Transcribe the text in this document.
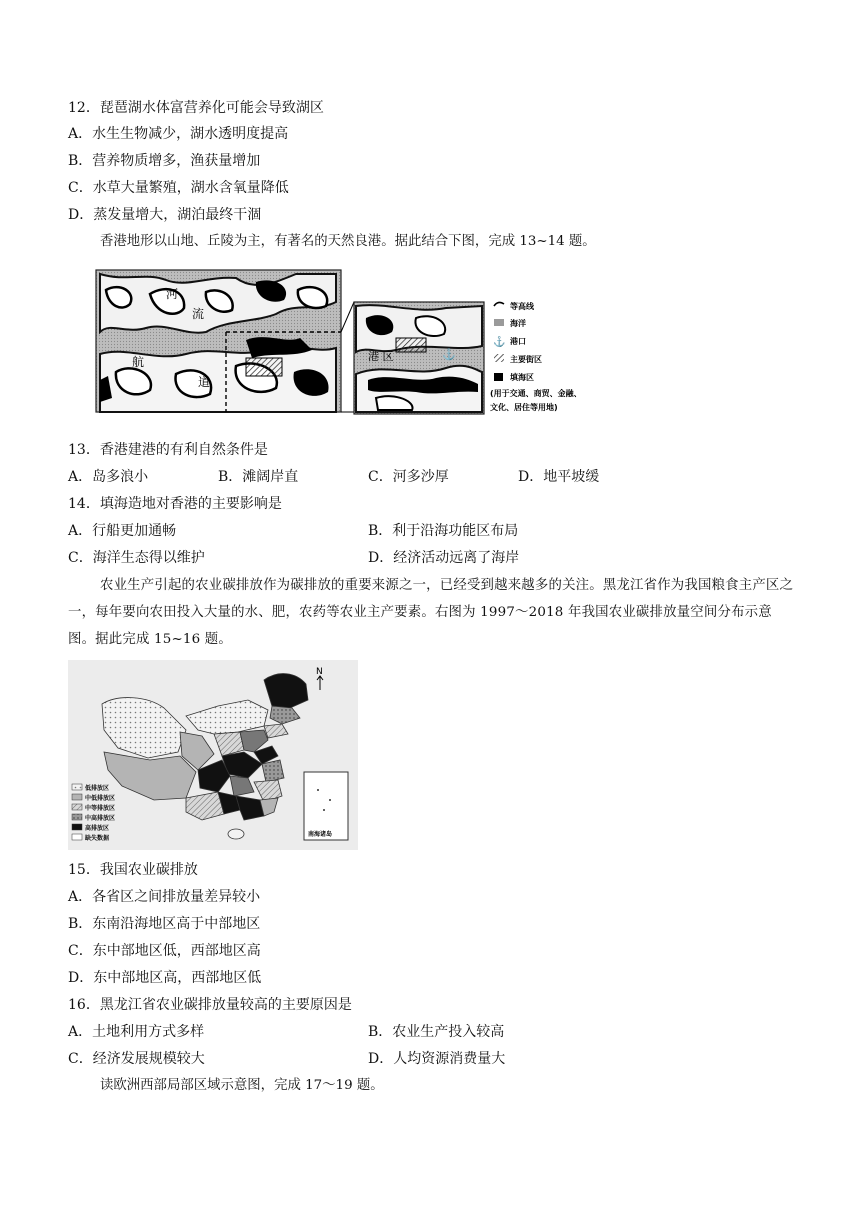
12．琵琶湖水体富营养化可能会导致湖区
A．水生生物减少，湖水透明度提高
B．营养物质增多，渔获量增加
C．水草大量繁殖，湖水含氧量降低
D．蒸发量增大，湖泊最终干涸
香港地形以山地、丘陵为主，有著名的天然良港。据此结合下图，完成 13~14 题。
河
流
航
道
港 区	⚓
等高线
海洋
⚓ 港口
主要街区
填海区
(用于交通、商贸、金融、
文化、居住等用地)
13．香港建港的有利自然条件是
A．岛多浪小	B．滩阔岸直	C．河多沙厚	D．地平坡缓
14．填海造地对香港的主要影响是
A．行船更加通畅	B．利于沿海功能区布局
C．海洋生态得以维护	D．经济活动远离了海岸
农业生产引起的农业碳排放作为碳排放的重要来源之一，已经受到越来越多的关注。黑龙江省作为我国粮食主产区之一，每年要向农田投入大量的水、肥，农药等农业主产要素。右图为 1997～2018 年我国农业碳排放量空间分布示意图。据此完成 15~16 题。
N
南海诸岛
低排放区
中低排放区
中等排放区
中高排放区
高排放区
缺失数据
15．我国农业碳排放
A．各省区之间排放量差异较小
B．东南沿海地区高于中部地区
C．东中部地区低，西部地区高
D．东中部地区高，西部地区低
16．黑龙江省农业碳排放量较高的主要原因是
A．土地利用方式多样	B．农业生产投入较高
C．经济发展规模较大	D．人均资源消费量大
读欧洲西部局部区域示意图，完成 17～19 题。
